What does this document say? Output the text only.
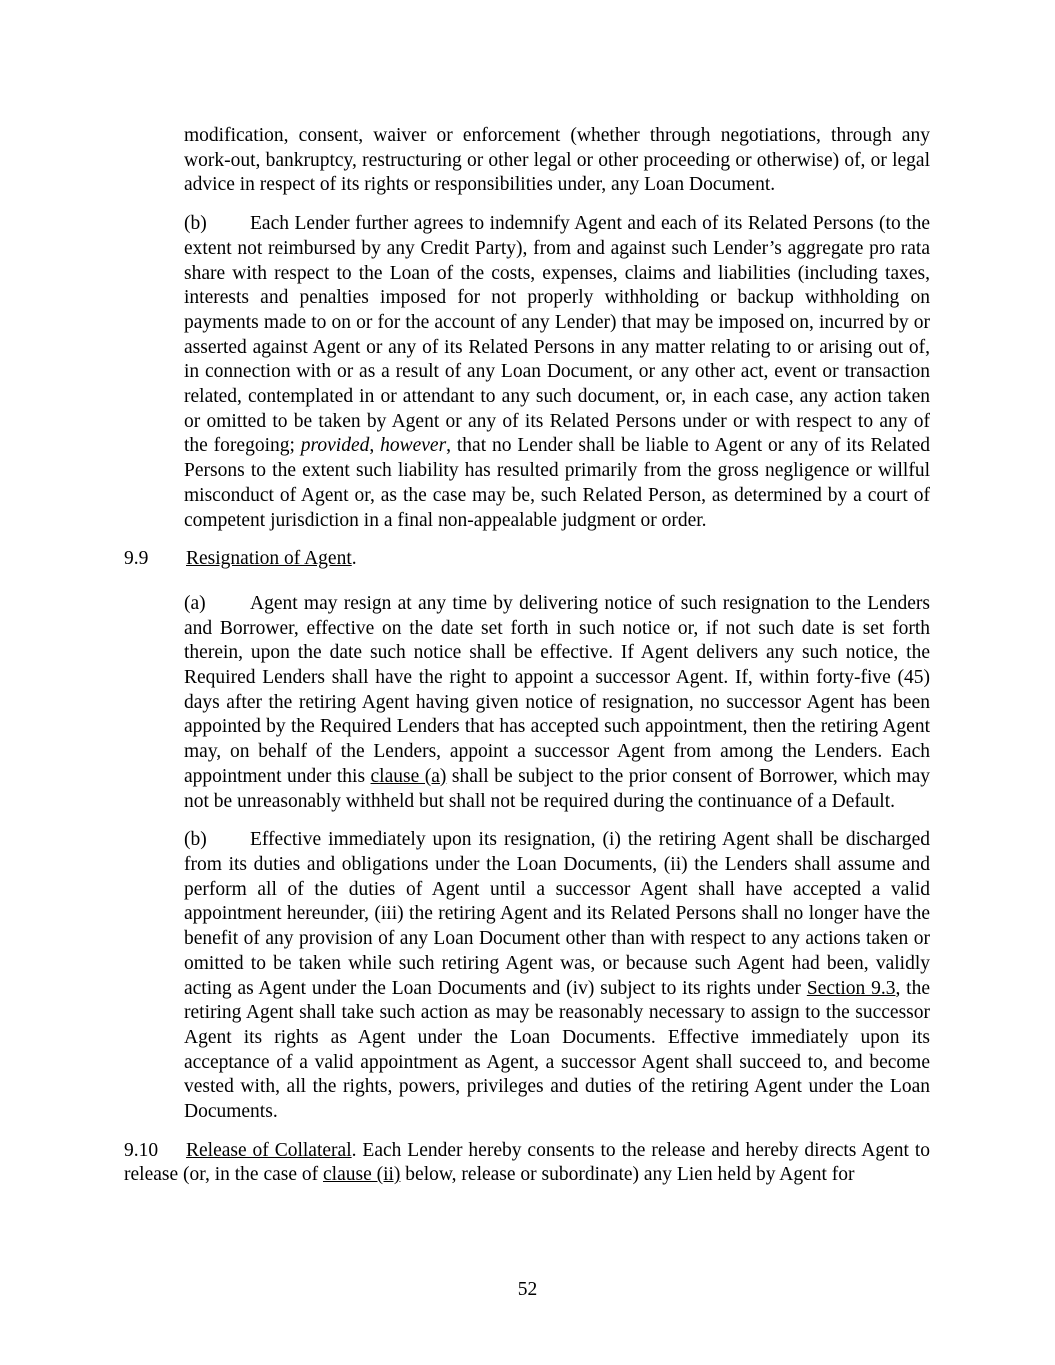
modification, consent, waiver or enforcement (whether through negotiations, through any work-out, bankruptcy, restructuring or other legal or other proceeding or otherwise) of, or legal advice in respect of its rights or responsibilities under, any Loan Document.

(b) Each Lender further agrees to indemnify Agent and each of its Related Persons (to the extent not reimbursed by any Credit Party), from and against such Lender’s aggregate pro rata share with respect to the Loan of the costs, expenses, claims and liabilities (including taxes, interests and penalties imposed for not properly withholding or backup withholding on payments made to on or for the account of any Lender) that may be imposed on, incurred by or asserted against Agent or any of its Related Persons in any matter relating to or arising out of, in connection with or as a result of any Loan Document, or any other act, event or transaction related, contemplated in or attendant to any such document, or, in each case, any action taken or omitted to be taken by Agent or any of its Related Persons under or with respect to any of the foregoing; provided, however, that no Lender shall be liable to Agent or any of its Related Persons to the extent such liability has resulted primarily from the gross negligence or willful misconduct of Agent or, as the case may be, such Related Person, as determined by a court of competent jurisdiction in a final non-appealable judgment or order.

9.9 Resignation of Agent.

(a) Agent may resign at any time by delivering notice of such resignation to the Lenders and Borrower, effective on the date set forth in such notice or, if not such date is set forth therein, upon the date such notice shall be effective. If Agent delivers any such notice, the Required Lenders shall have the right to appoint a successor Agent. If, within forty-five (45) days after the retiring Agent having given notice of resignation, no successor Agent has been appointed by the Required Lenders that has accepted such appointment, then the retiring Agent may, on behalf of the Lenders, appoint a successor Agent from among the Lenders. Each appointment under this clause (a) shall be subject to the prior consent of Borrower, which may not be unreasonably withheld but shall not be required during the continuance of a Default.

(b) Effective immediately upon its resignation, (i) the retiring Agent shall be discharged from its duties and obligations under the Loan Documents, (ii) the Lenders shall assume and perform all of the duties of Agent until a successor Agent shall have accepted a valid appointment hereunder, (iii) the retiring Agent and its Related Persons shall no longer have the benefit of any provision of any Loan Document other than with respect to any actions taken or omitted to be taken while such retiring Agent was, or because such Agent had been, validly acting as Agent under the Loan Documents and (iv) subject to its rights under Section 9.3, the retiring Agent shall take such action as may be reasonably necessary to assign to the successor Agent its rights as Agent under the Loan Documents. Effective immediately upon its acceptance of a valid appointment as Agent, a successor Agent shall succeed to, and become vested with, all the rights, powers, privileges and duties of the retiring Agent under the Loan Documents.

9.10 Release of Collateral. Each Lender hereby consents to the release and hereby directs Agent to release (or, in the case of clause (ii) below, release or subordinate) any Lien held by Agent for

52
